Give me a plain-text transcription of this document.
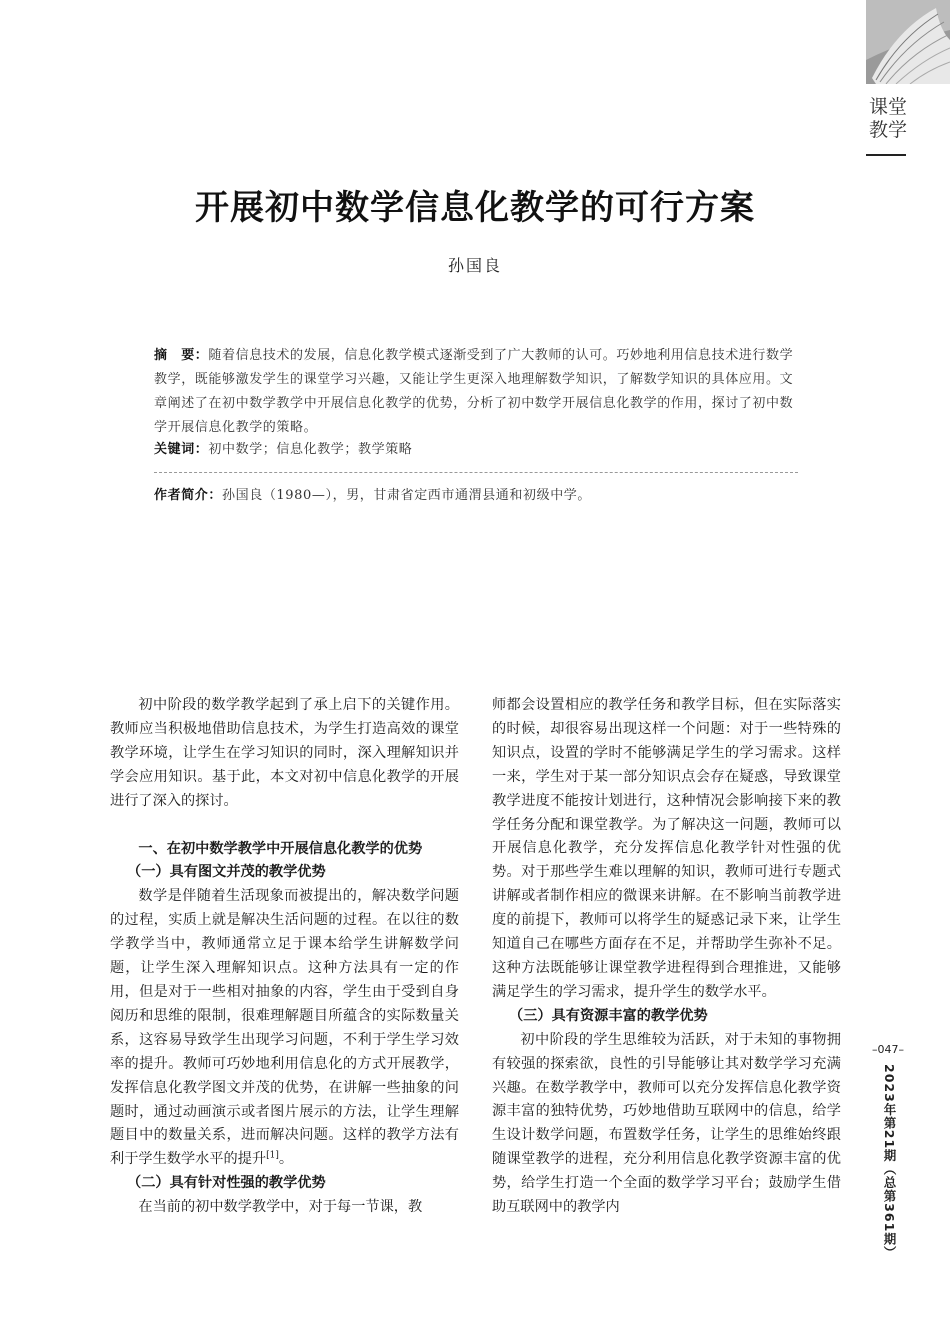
课堂教学
开展初中数学信息化教学的可行方案
孙国良
摘　要：随着信息技术的发展，信息化教学模式逐渐受到了广大教师的认可。巧妙地利用信息技术进行数学教学，既能够激发学生的课堂学习兴趣，又能让学生更深入地理解数学知识，了解数学知识的具体应用。文章阐述了在初中数学教学中开展信息化教学的优势，分析了初中数学开展信息化教学的作用，探讨了初中数学开展信息化教学的策略。
关键词：初中数学；信息化教学；教学策略
作者简介：孙国良（1980—），男，甘肃省定西市通渭县通和初级中学。

初中阶段的数学教学起到了承上启下的关键作用。教师应当积极地借助信息技术，为学生打造高效的课堂教学环境，让学生在学习知识的同时，深入理解知识并学会应用知识。基于此，本文对初中信息化教学的开展进行了深入的探讨。

一、在初中数学教学中开展信息化教学的优势

（一）具有图文并茂的教学优势

数学是伴随着生活现象而被提出的，解决数学问题的过程，实质上就是解决生活问题的过程。在以往的数学教学当中，教师通常立足于课本给学生讲解数学问题，让学生深入理解知识点。这种方法具有一定的作用，但是对于一些相对抽象的内容，学生由于受到自身阅历和思维的限制，很难理解题目所蕴含的实际数量关系，这容易导致学生出现学习问题，不利于学生学习效率的提升。教师可巧妙地利用信息化的方式开展教学，发挥信息化教学图文并茂的优势，在讲解一些抽象的问题时，通过动画演示或者图片展示的方法，让学生理解题目中的数量关系，进而解决问题。这样的教学方法有利于学生数学水平的提升[1]。

（二）具有针对性强的教学优势

在当前的初中数学教学中，对于每一节课，教

师都会设置相应的教学任务和教学目标，但在实际落实的时候，却很容易出现这样一个问题：对于一些特殊的知识点，设置的学时不能够满足学生的学习需求。这样一来，学生对于某一部分知识点会存在疑惑，导致课堂教学进度不能按计划进行，这种情况会影响接下来的教学任务分配和课堂教学。为了解决这一问题，教师可以开展信息化教学，充分发挥信息化教学针对性强的优势。对于那些学生难以理解的知识，教师可进行专题式讲解或者制作相应的微课来讲解。在不影响当前教学进度的前提下，教师可以将学生的疑惑记录下来，让学生知道自己在哪些方面存在不足，并帮助学生弥补不足。这种方法既能够让课堂教学进程得到合理推进，又能够满足学生的学习需求，提升学生的数学水平。

（三）具有资源丰富的教学优势

初中阶段的学生思维较为活跃，对于未知的事物拥有较强的探索欲，良性的引导能够让其对数学学习充满兴趣。在数学教学中，教师可以充分发挥信息化教学资源丰富的独特优势，巧妙地借助互联网中的信息，给学生设计数学问题，布置数学任务，让学生的思维始终跟随课堂教学的进程，充分利用信息化教学资源丰富的优势，给学生打造一个全面的数学学习平台；鼓励学生借助互联网中的教学内

–047–
2023年第21期（总第361期）
